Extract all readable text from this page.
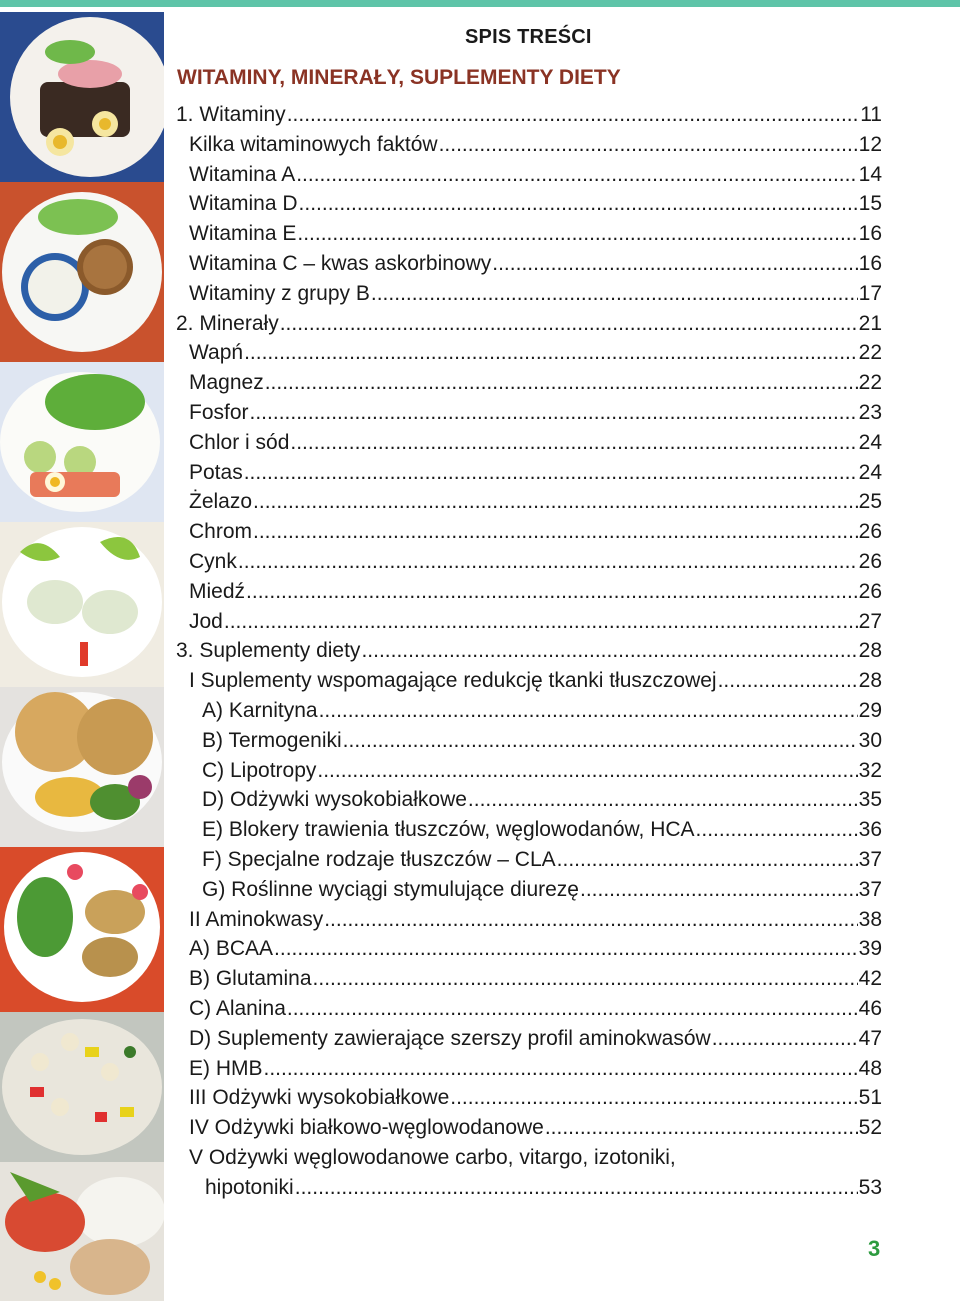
SPIS TREŚCI
WITAMINY, MINERAŁY, SUPLEMENTY DIETY
1. Witaminy .....	11
Kilka witaminowych faktów .....	12
Witamina A .....	14
Witamina D .....	15
Witamina E .....	16
Witamina C – kwas askorbinowy .....	16
Witaminy z grupy B .....	17
2. Minerały .....	21
Wapń .....	22
Magnez .....	22
Fosfor .....	23
Chlor i sód .....	24
Potas .....	24
Żelazo .....	25
Chrom .....	26
Cynk .....	26
Miedź .....	26
Jod .....	27
3. Suplementy diety .....	28
I Suplementy wspomagające redukcję tkanki tłuszczowej .....	28
A) Karnityna .....	29
B) Termogeniki .....	30
C) Lipotropy .....	32
D) Odżywki wysokobiałkowe .....	35
E) Blokery trawienia tłuszczów, węglowodanów, HCA .....	36
F) Specjalne rodzaje tłuszczów – CLA .....	37
G) Roślinne wyciągi stymulujące diurezę .....	37
II Aminokwasy .....	38
A) BCAA .....	39
B) Glutamina .....	42
C) Alanina .....	46
D) Suplementy zawierające szerszy profil aminokwasów .....	47
E) HMB .....	48
III Odżywki wysokobiałkowe .....	51
IV Odżywki białkowo-węglowodanowe .....	52
V Odżywki węglowodanowe carbo, vitargo, izotoniki,
hipotoniki .....	53
3
